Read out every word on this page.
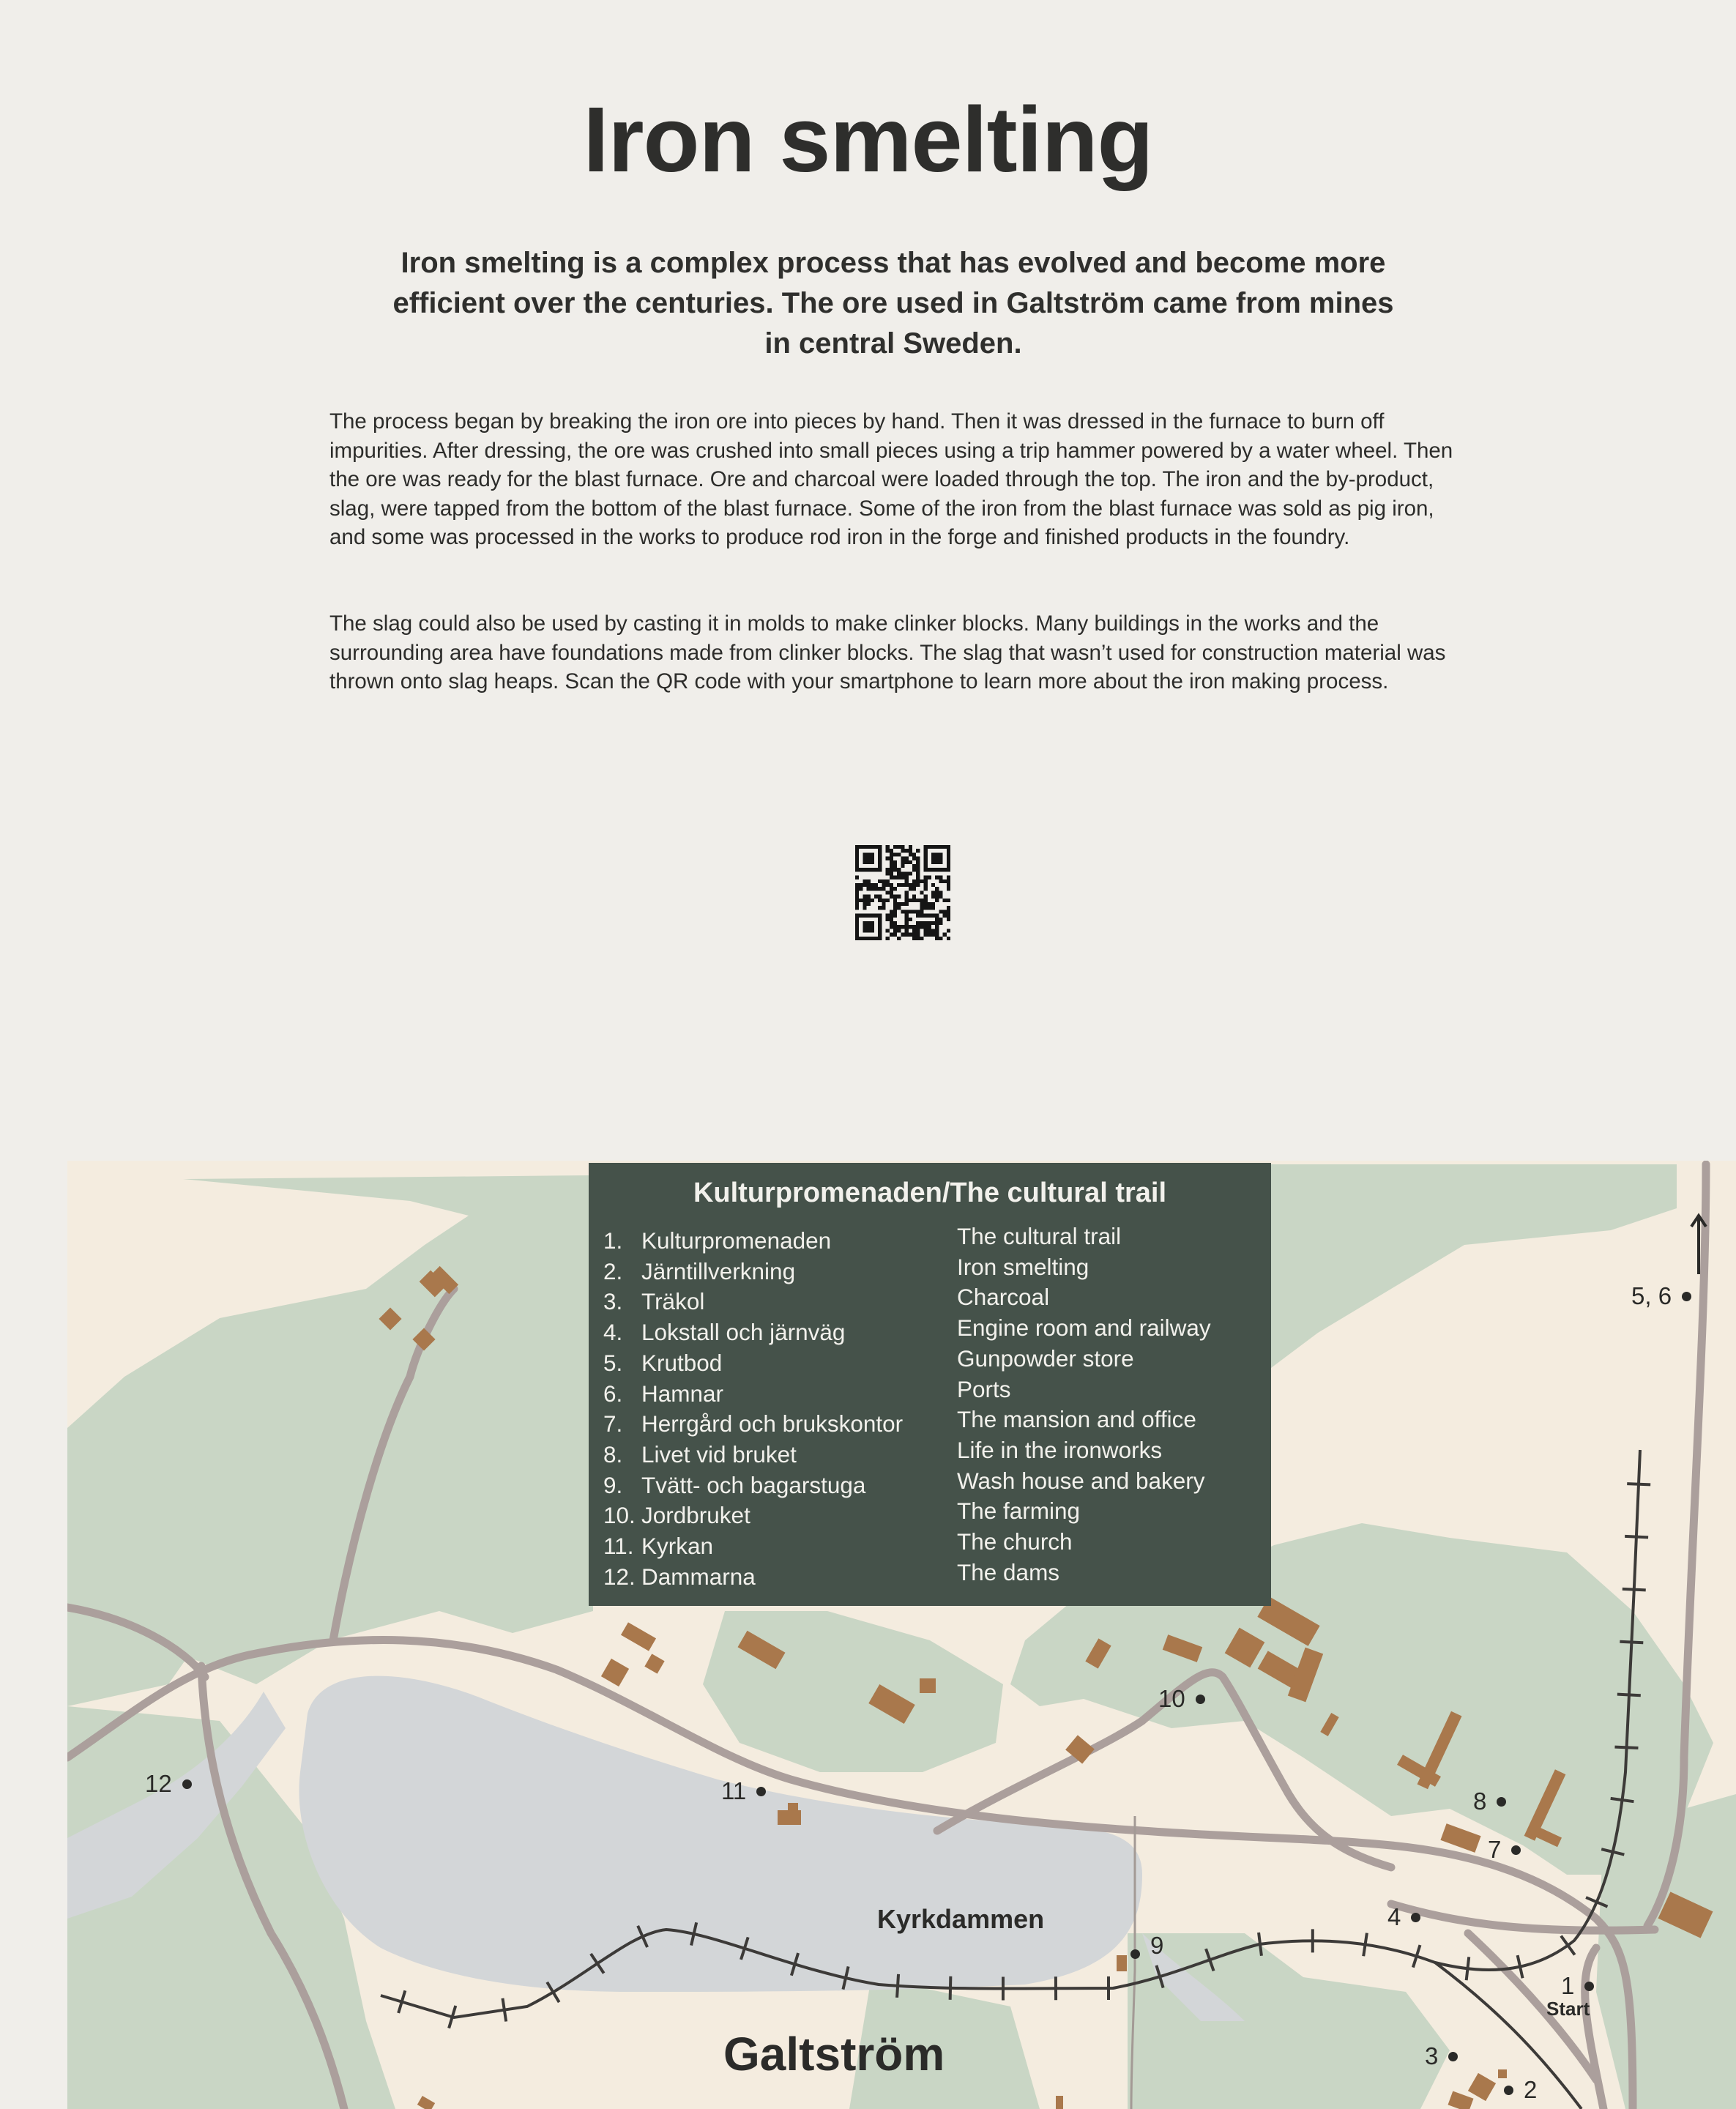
Iron smelting

Iron smelting is a complex process that has evolved and become more efficient over the centuries. The ore used in Galtström came from mines in central Sweden.

The process began by breaking the iron ore into pieces by hand. Then it was dressed in the furnace to burn off impurities. After dressing, the ore was crushed into small pieces using a trip hammer powered by a water wheel. Then the ore was ready for the blast furnace. Ore and charcoal were loaded through the top. The iron and the by-product, slag, were tapped from the bottom of the blast furnace. Some of the iron from the blast furnace was sold as pig iron, and some was processed in the works to produce rod iron in the forge and finished products in the foundry.

The slag could also be used by casting it in molds to make clinker blocks. Many buildings in the works and the surrounding area have foundations made from clinker blocks. The slag that wasn’t used for construction material was thrown onto slag heaps. Scan the QR code with your smartphone to learn more about the iron making process.

Kulturpromenaden/The cultural trail

1. Kulturpromenaden
2. Järntillverkning
3. Träkol
4. Lokstall och järnväg
5. Krutbod
6. Hamnar
7. Herrgård och brukskontor
8. Livet vid bruket
9. Tvätt- och bagarstuga
10. Jordbruket
11. Kyrkan
12. Dammarna
The cultural trail
Iron smelting
Charcoal
Engine room and railway
Gunpowder store
Ports
The mansion and office
Life in the ironworks
Wash house and bakery
The farming
The church
The dams
5, 6
10
12	11	8
7
4
9
1
3
2
Kyrkdammen
Galtström
Start
